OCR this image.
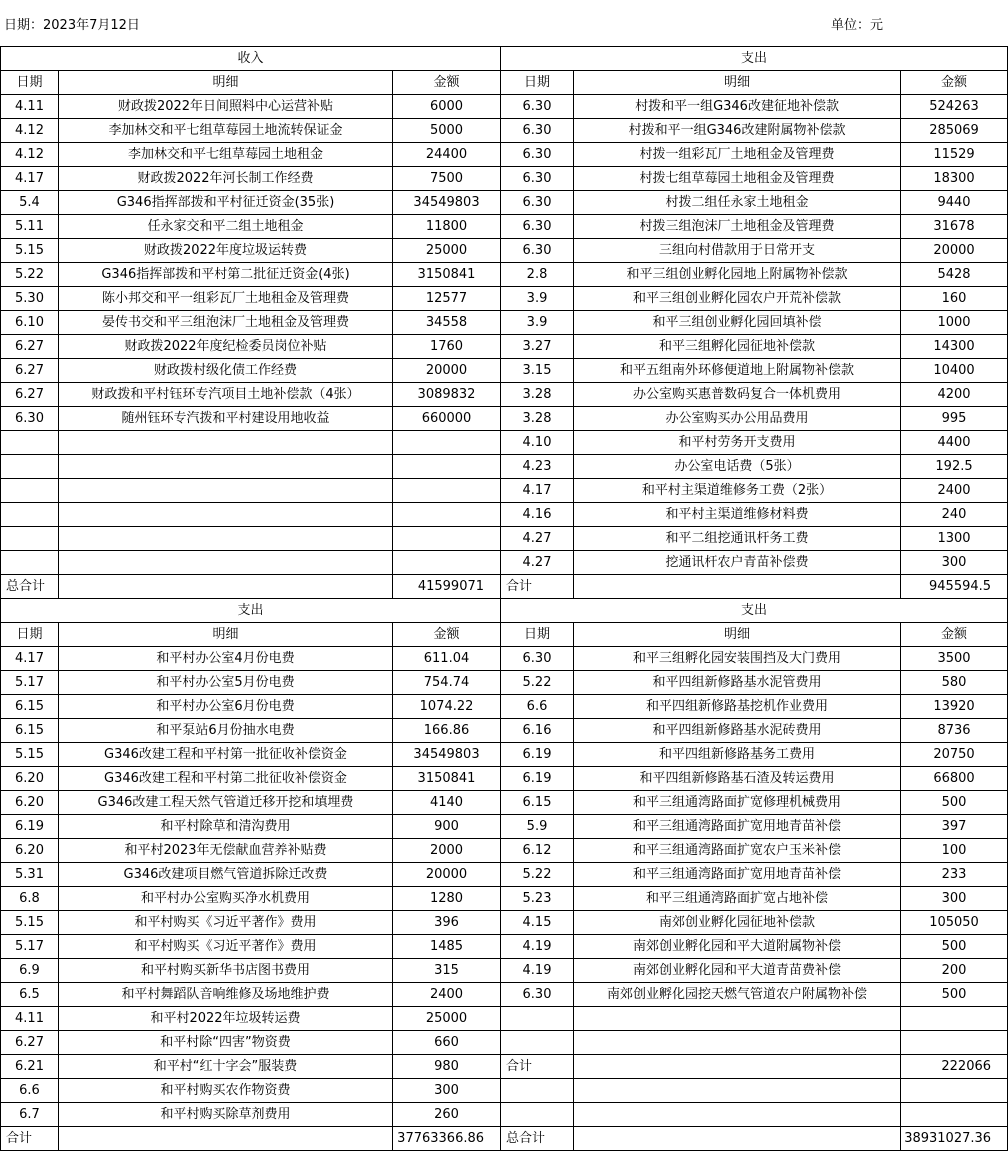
日期：2023年7月12日	单位：元
收入			支出		
日期	明细	金额	日期	明细	金额
4.11	财政拨2022年日间照料中心运营补贴	6000	6.30	村拨和平一组G346改建征地补偿款	524263
4.12	李加林交和平七组草莓园土地流转保证金	5000	6.30	村拨和平一组G346改建附属物补偿款	285069
4.12	李加林交和平七组草莓园土地租金	24400	6.30	村拨一组彩瓦厂土地租金及管理费	11529
4.17	财政拨2022年河长制工作经费	7500	6.30	村拨七组草莓园土地租金及管理费	18300
5.4	G346指挥部拨和平村征迁资金(35张)	34549803	6.30	村拨二组任永家土地租金	9440
5.11	任永家交和平二组土地租金	11800	6.30	村拨三组泡沫厂土地租金及管理费	31678
5.15	财政拨2022年度垃圾运转费	25000	6.30	三组向村借款用于日常开支	20000
5.22	G346指挥部拨和平村第二批征迁资金(4张)	3150841	2.8	和平三组创业孵化园地上附属物补偿款	5428
5.30	陈小邦交和平一组彩瓦厂土地租金及管理费	12577	3.9	和平三组创业孵化园农户开荒补偿款	160
6.10	晏传书交和平三组泡沫厂土地租金及管理费	34558	3.9	和平三组创业孵化园回填补偿	1000
6.27	财政拨2022年度纪检委员岗位补贴	1760	3.27	和平三组孵化园征地补偿款	14300
6.27	财政拨村级化债工作经费	20000	3.15	和平五组南外环修便道地上附属物补偿款	10400
6.27	财政拨和平村钰环专汽项目土地补偿款（4张）	3089832	3.28	办公室购买惠普数码复合一体机费用	4200
6.30	随州钰环专汽拨和平村建设用地收益	660000	3.28	办公室购买办公用品费用	995
			4.10	和平村劳务开支费用	4400
			4.23	办公室电话费（5张）	192.5
			4.17	和平村主渠道维修务工费（2张）	2400
			4.16	和平村主渠道维修材料费	240
			4.27	和平二组挖通讯杆务工费	1300
			4.27	挖通讯杆农户青苗补偿费	300
总合计		41599071	合计		945594.5
支出			支出		
日期	明细	金额	日期	明细	金额
4.17	和平村办公室4月份电费	611.04	6.30	和平三组孵化园安装围挡及大门费用	3500
5.17	和平村办公室5月份电费	754.74	5.22	和平四组新修路基水泥管费用	580
6.15	和平村办公室6月份电费	1074.22	6.6	和平四组新修路基挖机作业费用	13920
6.15	和平泵站6月份抽水电费	166.86	6.16	和平四组新修路基水泥砖费用	8736
5.15	G346改建工程和平村第一批征收补偿资金	34549803	6.19	和平四组新修路基务工费用	20750
6.20	G346改建工程和平村第二批征收补偿资金	3150841	6.19	和平四组新修路基石渣及转运费用	66800
6.20	G346改建工程天然气管道迁移开挖和填埋费	4140	6.15	和平三组通湾路面扩宽修理机械费用	500
6.19	和平村除草和清沟费用	900	5.9	和平三组通湾路面扩宽用地青苗补偿	397
6.20	和平村2023年无偿献血营养补贴费	2000	6.12	和平三组通湾路面扩宽农户玉米补偿	100
5.31	G346改建项目燃气管道拆除迁改费	20000	5.22	和平三组通湾路面扩宽用地青苗补偿	233
6.8	和平村办公室购买净水机费用	1280	5.23	和平三组通湾路面扩宽占地补偿	300
5.15	和平村购买《习近平著作》费用	396	4.15	南郊创业孵化园征地补偿款	105050
5.17	和平村购买《习近平著作》费用	1485	4.19	南郊创业孵化园和平大道附属物补偿	500
6.9	和平村购买新华书店图书费用	315	4.19	南郊创业孵化园和平大道青苗费补偿	200
6.5	和平村舞蹈队音响维修及场地维护费	2400	6.30	南郊创业孵化园挖天燃气管道农户附属物补偿	500
4.11	和平村2022年垃圾转运费	25000			
6.27	和平村除“四害”物资费	660			
6.21	和平村“红十字会”服装费	980	合计		222066
6.6	和平村购买农作物资费	300			
6.7	和平村购买除草剂费用	260			
合计		37763366.86	总合计		38931027.36
